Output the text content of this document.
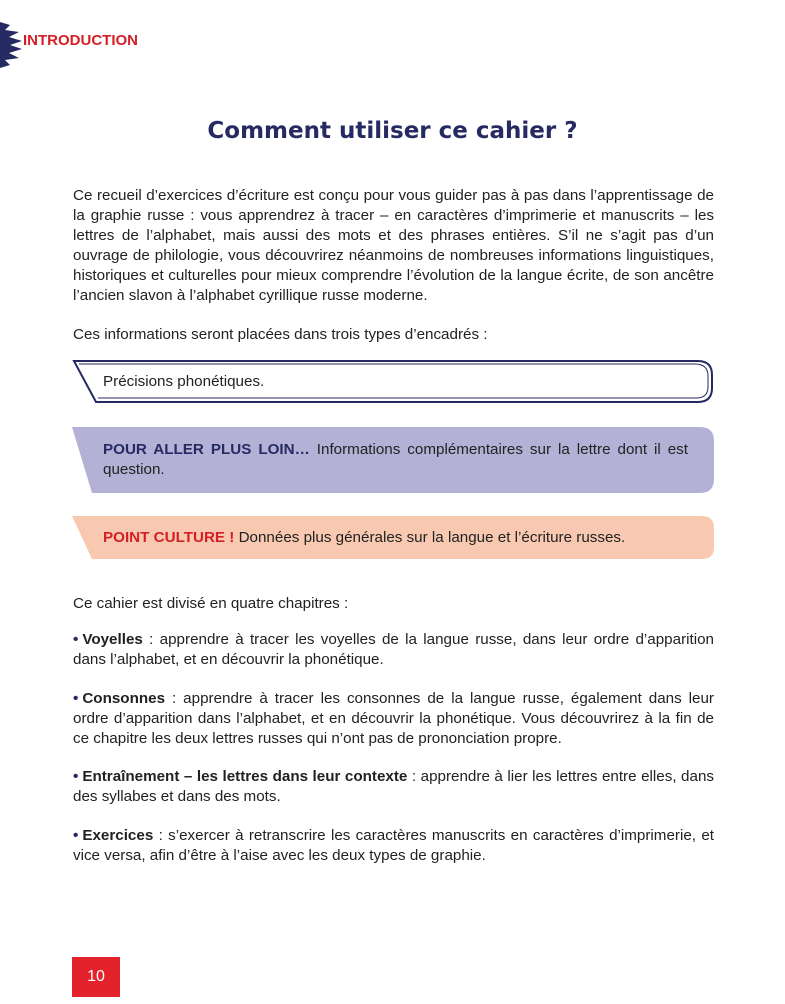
INTRODUCTION
Comment utiliser ce cahier ?

Ce recueil d’exercices d’écriture est conçu pour vous guider pas à pas dans l’apprentissage de la graphie russe : vous apprendrez à tracer – en caractères d’imprimerie et manuscrits – les lettres de l’alphabet, mais aussi des mots et des phrases entières. S’il ne s’agit pas d’un ouvrage de philologie, vous découvrirez néanmoins de nombreuses informations linguistiques, historiques et culturelles pour mieux comprendre l’évolution de la langue écrite, de son ancêtre l’ancien slavon à l’alphabet cyrillique russe moderne.

Ces informations seront placées dans trois types d’encadrés :

Précisions phonétiques.
POUR ALLER PLUS LOIN… Informations complémentaires sur la lettre dont il est question.
POINT CULTURE ! Données plus générales sur la langue et l’écriture russes.

Ce cahier est divisé en quatre chapitres :

• Voyelles : apprendre à tracer les voyelles de la langue russe, dans leur ordre d’apparition dans l’alphabet, et en découvrir la phonétique.

• Consonnes : apprendre à tracer les consonnes de la langue russe, également dans leur ordre d’apparition dans l’alphabet, et en découvrir la phonétique. Vous découvrirez à la fin de ce chapitre les deux lettres russes qui n’ont pas de prononciation propre.

• Entraînement – les lettres dans leur contexte : apprendre à lier les lettres entre elles, dans des syllabes et dans des mots.

• Exercices : s’exercer à retranscrire les caractères manuscrits en caractères d’imprimerie, et vice versa, afin d’être à l’aise avec les deux types de graphie.

10
